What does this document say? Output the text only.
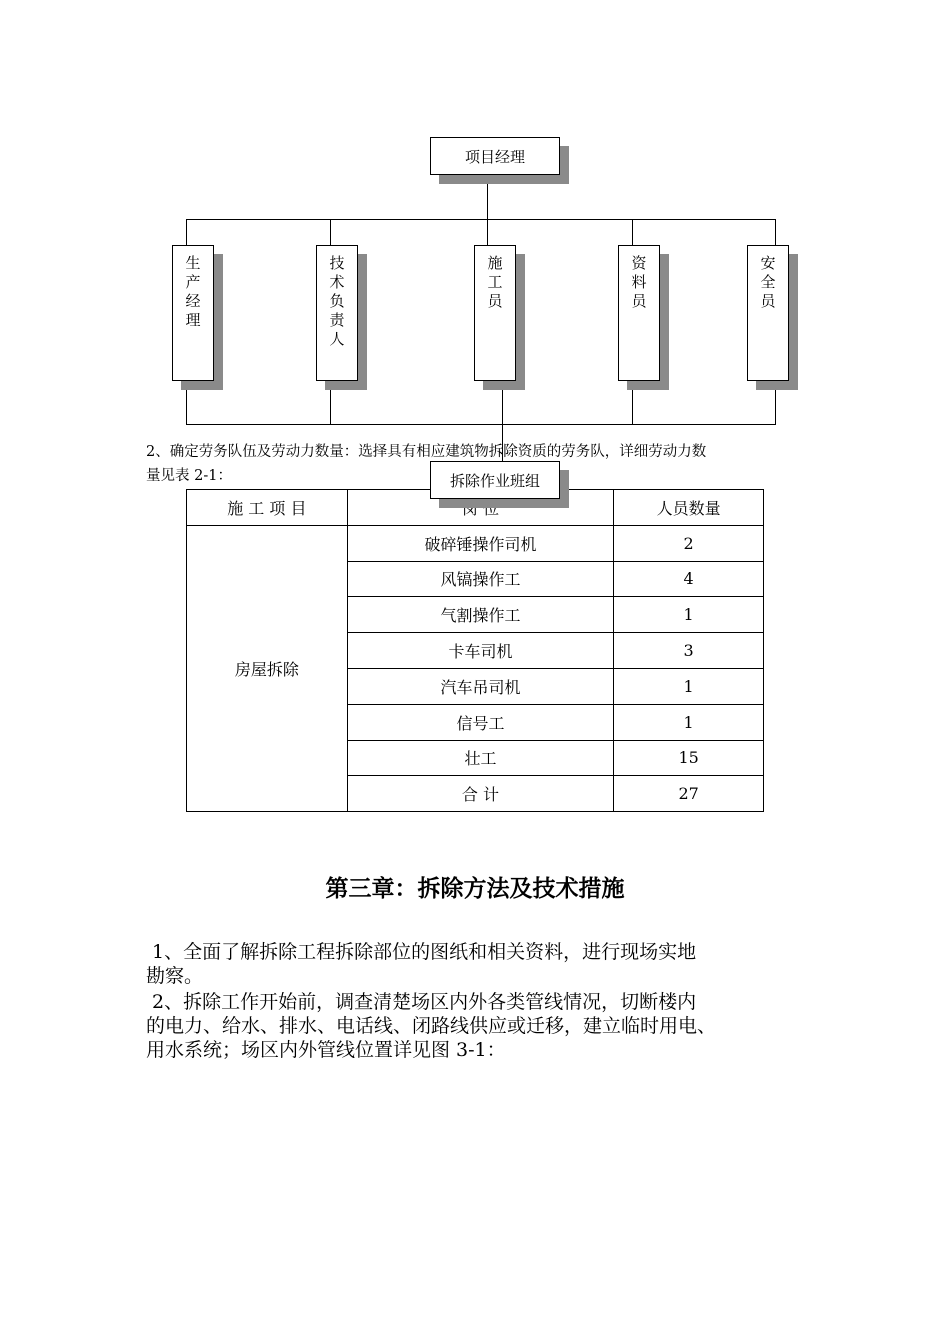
项目经理
生
产
经
理
技
术
负
责
人
施
工
员
资
料
员
安
全
员
2、确定劳务队伍及劳动力数量：选择具有相应建筑物拆除资质的劳务队，详细劳动力数
量见表 2-1：
施 工 项 目	岗 位	人员数量
房屋拆除	破碎锤操作司机	2
	风镐操作工	4
	气割操作工	1
	卡车司机	3
	汽车吊司机	1
	信号工	1
	壮工	15
	合 计	27
拆除作业班组
第三章：拆除方法及技术措施
1、全面了解拆除工程拆除部位的图纸和相关资料，进行现场实地
勘察。
2、拆除工作开始前，调查清楚场区内外各类管线情况，切断楼内
的电力、给水、排水、电话线、闭路线供应或迁移，建立临时用电、
用水系统；场区内外管线位置详见图 3-1：
